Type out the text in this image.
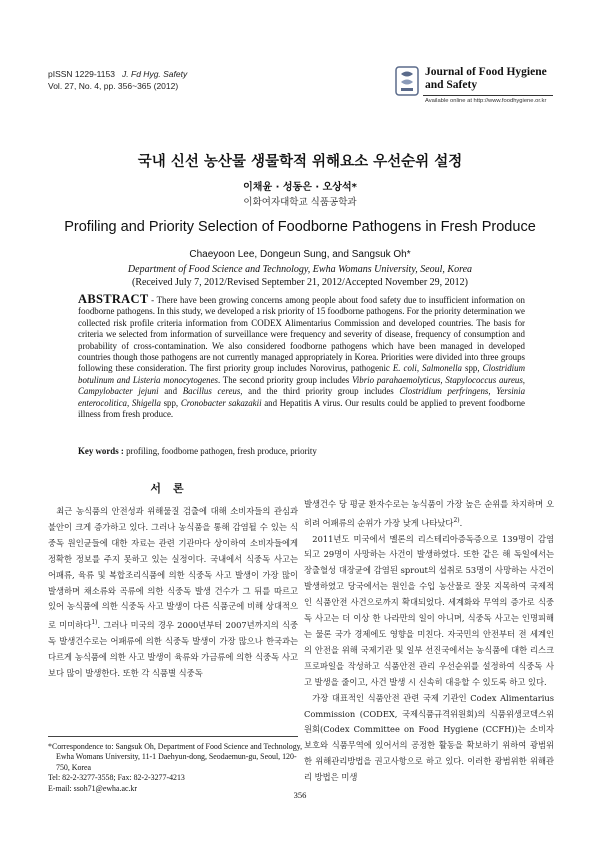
pISSN 1229-1153 J. Fd Hyg. Safety
Vol. 27, No. 4, pp. 356~365 (2012)
Journal of Food Hygiene
and Safety
Available online at http://www.foodhygiene.or.kr
국내 신선 농산물 생물학적 위해요소 우선순위 설정
이채윤 · 성동은 · 오상석*
이화여자대학교 식품공학과
Profiling and Priority Selection of Foodborne Pathogens in Fresh Produce
Chaeyoon Lee, Dongeun Sung, and Sangsuk Oh*
Department of Food Science and Technology, Ewha Womans University, Seoul, Korea
(Received July 7, 2012/Revised September 21, 2012/Accepted November 29, 2012)
ABSTRACT - There have been growing concerns among people about food safety due to insufficient information on foodborne pathogens. In this study, we developed a risk priority of 15 foodborne pathogens. For the priority determination we collected risk profile criteria information from CODEX Alimentarius Commission and developed countries. The basis for criteria we selected from information of surveillance were frequency and severity of disease, frequency of consumption and probability of cross-contamination. We also considered foodborne pathogens which have been managed in developed countries though those pathogens are not currently managed appropriately in Korea. Priorities were divided into three groups following these consideration. The first priority group includes Norovirus, pathogenic E. coli, Salmonella spp, Clostridium botulinum and Listeria monocytogenes. The second priority group includes Vibrio parahaemolyticus, Stapylococcus aureus, Campylobacter jejuni and Bacillus cereus, and the third priority group includes Clostridium perfringens, Yersinia enterocolitica, Shigella spp, Cronobacter sakazakii and Hepatitis A virus. Our results could be applied to prevent foodborne illness from fresh produce.
Key words : profiling, foodborne pathogen, fresh produce, priority
서론

최근 농식품의 안전성과 위해물질 검출에 대해 소비자들의 관심과 불안이 크게 증가하고 있다. 그러나 농식품을 통해 감염될 수 있는 식중독 원인균들에 대한 자료는 관련 기관마다 상이하여 소비자들에게 정확한 정보를 주지 못하고 있는 실정이다. 국내에서 식중독 사고는 어패류, 육류 및 복합조리식품에 의한 식중독 사고 발생이 가장 많이 발생하며 채소류와 곡류에 의한 식중독 발생 건수가 그 뒤를 따르고 있어 농식품에 의한 식중독 사고 발생이 다른 식품군에 비해 상대적으로 미미하다$^{1)}$. 그러나 미국의 경우 2000년부터 2007년까지의 식중독 발생건수로는 어패류에 의한 식중독 발생이 가장 많으나 한국과는 다르게 농식품에 의한 사고 발생이 육류와 가금류에 의한 식중독 사고 보다 많이 발생한다. 또한 각 식품별 식중독

발생건수 당 평균 환자수로는 농식품이 가장 높은 순위를 차지하며 오히려 어패류의 순위가 가장 낮게 나타났다$^{2)}$.

2011년도 미국에서 멜론의 리스테리아증독증으로 139명이 감염되고 29명이 사망하는 사건이 발생하였다. 또한 같은 해 독일에서는 장출혈성 대장균에 감염된 sprout의 섭취로 53명이 사망하는 사건이 발생하였고 당국에서는 원인을 수입 농산물로 잘못 지목하여 국제적인 식품안전 사건으로까지 확대되었다. 세계화와 무역의 증가로 식중독 사고는 더 이상 한 나라만의 일이 아니며, 식중독 사고는 인명피해는 물론 국가 경제에도 영향을 미친다. 자국민의 안전부터 전 세계인의 안전을 위해 국제기관 및 일부 선진국에서는 농식품에 대한 리스크프로파일을 작성하고 식품안전 관리 우선순위를 설정하여 식중독 사고 발생을 줄이고, 사건 발생 시 신속히 대응할 수 있도록 하고 있다.

가장 대표적인 식품안전 관련 국제 기관인 Codex Alimentarius Commission (CODEX, 국제식품규격위원회)의 식품위생코덱스위원회(Codex Committee on Food Hygiene (CCFH))는 소비자 보호와 식품무역에 있어서의 공정한 활동을 확보하기 위하여 광범위한 위해관리방법을 권고사항으로 하고 있다. 이러한 광범위한 위해관리 방법은 미생

*Correspondence to: Sangsuk Oh, Department of Food Science and Technology, Ewha Womans University, 11-1 Daehyun-dong, Seodaemun-gu, Seoul, 120-750, Korea
Tel: 82-2-3277-3558; Fax: 82-2-3277-4213
E-mail: ssoh71@ewha.ac.kr
356
